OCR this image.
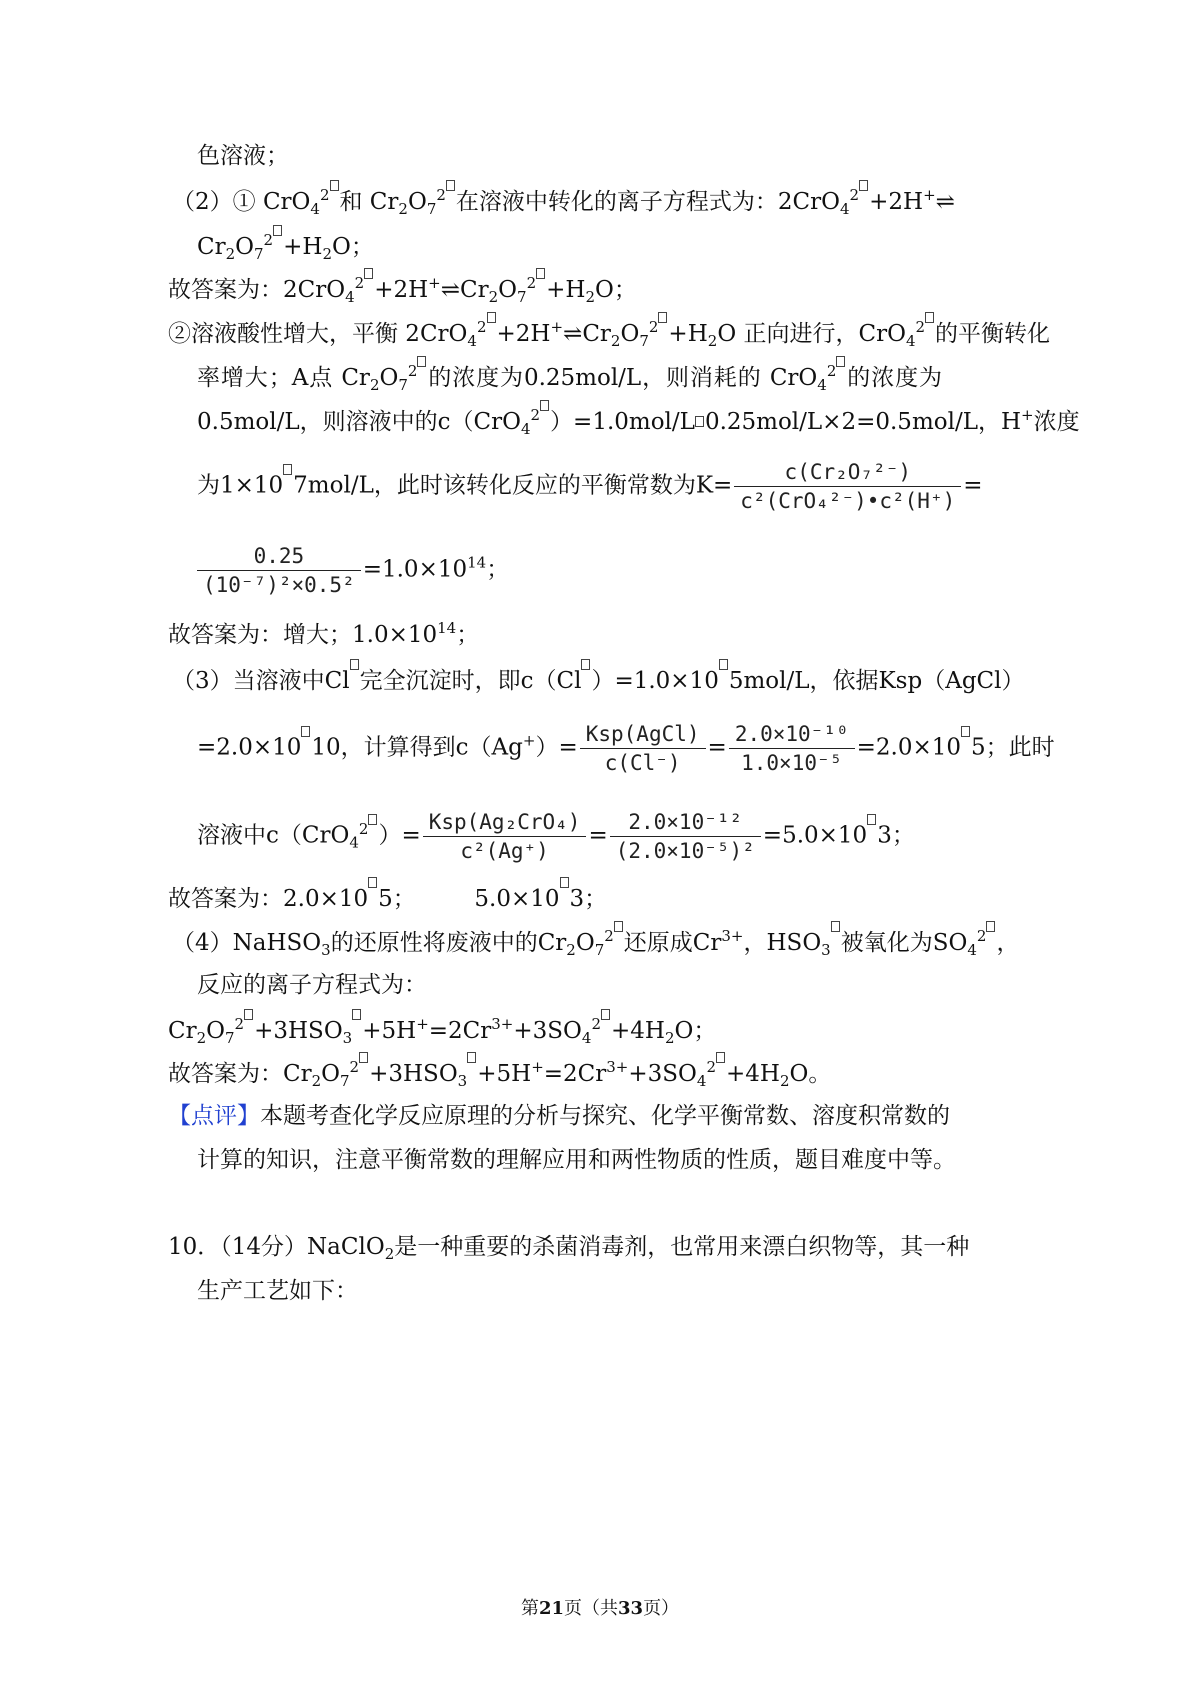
色溶液；
（2）① CrO$_4^2$ 和 $Cr_2O_7^2$ 在溶液中转化的离子方程式为：2CrO$_4^2$ +2H+⇌
$Cr_2O_7^2 +H_2O$；
故答案为：$2CrO_4^2 +2H^+\rightleftharpoons Cr_2O_7^2 +H_2O$；
②溶液酸性增大，平衡 $2CrO_4^2 +2H^+\rightleftharpoons Cr_2O_7^2 +H_2O$ 正向进行，CrO$_4^2$ 的平衡转化
率增大；A点 $Cr_2O_7^2$ 的浓度为0.25mol/L，则消耗的 CrO$_4^2$ 的浓度为
0.5mol/L，则溶液中的c（CrO$_4^2$ ）=1.0mol/L 0.25mol/L×2=0.5mol/L，H+浓度
为1×10 7mol/L，此时该转化反应的平衡常数为$K= \frac{\text{c(Cr₂O₇²⁻)}}{\text{c²(CrO₄²⁻)•c²(H⁺)}}$ =
$\frac{0.25}{\text{(10⁻⁷)²×0.5²}} =1.0\times 10^{14}$；
故答案为：增大；$1.0\times 10^{14}$；
（3）当溶液中Cl 完全沉淀时，即c（Cl ）=1.0×10 5mol/L，依据Ksp（AgCl）
=2.0×10 10，计算得到$c(Ag^+)= \frac{\text{Ksp(AgCl)}}{c(Cl^-)} = \frac{\text{2.0×10⁻¹⁰}}{\text{1.0×10⁻⁵}} =2.0\times 10$ 5；此时
溶液中c（CrO$_4^2$ ）= $\frac{\text{Ksp(Ag₂CrO₄)}}{\text{c²(Ag⁺)}} = \frac{\text{2.0×10⁻¹²}}{\text{(2.0×10⁻⁵)²}} =5.0\times 10$ 3；
故答案为：2.0×10 5；	5.0×10 3；
（4）NaHSO$_3$的还原性将废液中的$Cr_2O_7^2$ 还原成$Cr^{3+}$，$HSO_3$ 被氧化为$SO_4^2$ ，
反应的离子方程式为：
$Cr_2O_7^2 +3HSO_3 +5H^+=2Cr^{3+}+3SO_4^2 +4H_2O$；
故答案为：$Cr_2O_7^2 +3HSO_3 +5H^+=2Cr^{3+}+3SO_4^2 +4H_2O$。
【点评】本题考查化学反应原理的分析与探究、化学平衡常数、溶度积常数的
计算的知识，注意平衡常数的理解应用和两性物质的性质，题目难度中等。
10．（14分）NaClO$_2$是一种重要的杀菌消毒剂，也常用来漂白织物等，其一种
生产工艺如下：
第21页（共33页）
